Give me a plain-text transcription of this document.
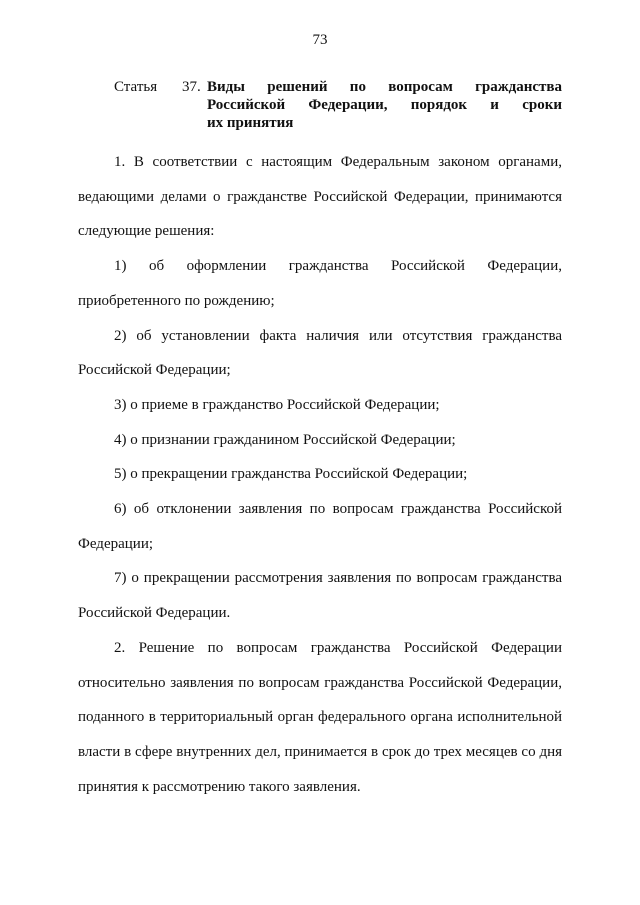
73
Статья 37. Виды решений по вопросам гражданства
Российской Федерации, порядок и сроки
их принятия

1. В соответствии с настоящим Федеральным законом органами, ведающими делами о гражданстве Российской Федерации, принимаются следующие решения:

1) об оформлении гражданства Российской Федерации, приобретенного по рождению;

2) об установлении факта наличия или отсутствия гражданства Российской Федерации;

3) о приеме в гражданство Российской Федерации;

4) о признании гражданином Российской Федерации;

5) о прекращении гражданства Российской Федерации;

6) об отклонении заявления по вопросам гражданства Российской Федерации;

7) о прекращении рассмотрения заявления по вопросам гражданства Российской Федерации.

2. Решение по вопросам гражданства Российской Федерации относительно заявления по вопросам гражданства Российской Федерации, поданного в территориальный орган федерального органа исполнительной власти в сфере внутренних дел, принимается в срок до трех месяцев со дня принятия к рассмотрению такого заявления.
